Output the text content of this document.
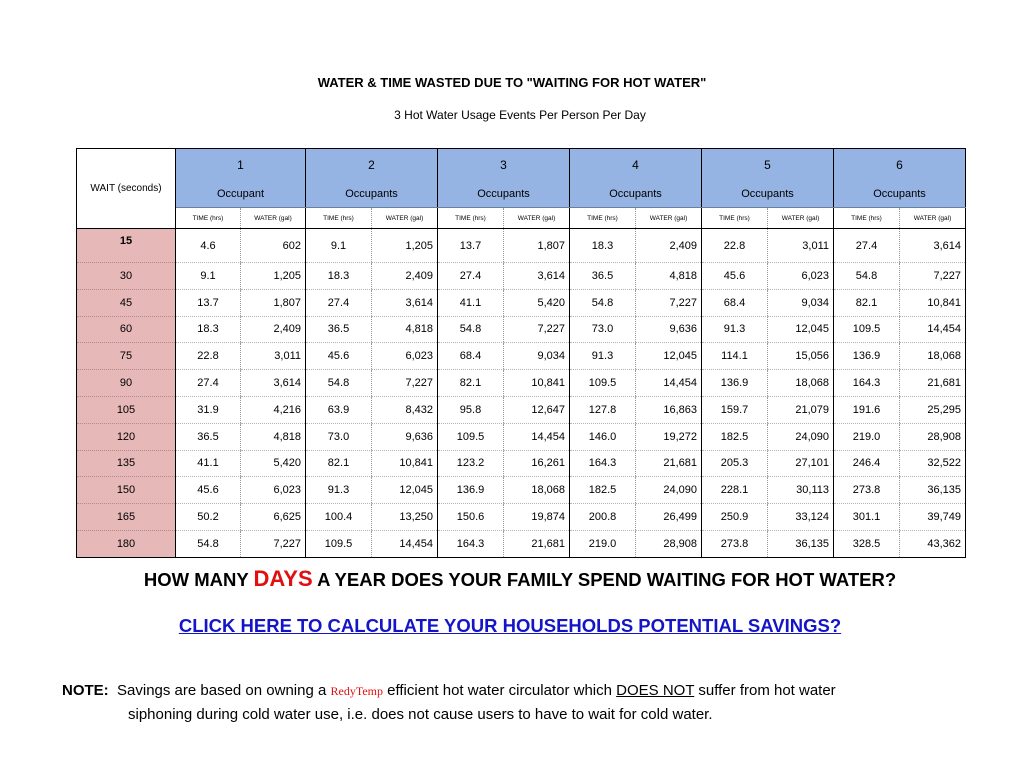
WATER & TIME WASTED DUE TO "WAITING FOR HOT WATER"
3 Hot Water Usage Events Per Person Per Day
WAIT (seconds)	1		2		3		4		5		6	
	Occupant		Occupants		Occupants		Occupants		Occupants		Occupants	
	TIME (hrs)	WATER (gal)	TIME (hrs)	WATER (gal)	TIME (hrs)	WATER (gal)	TIME (hrs)	WATER (gal)	TIME (hrs)	WATER (gal)	TIME (hrs)	WATER (gal)
15	4.6	602	9.1	1,205	13.7	1,807	18.3	2,409	22.8	3,011	27.4	3,614
30	9.1	1,205	18.3	2,409	27.4	3,614	36.5	4,818	45.6	6,023	54.8	7,227
45	13.7	1,807	27.4	3,614	41.1	5,420	54.8	7,227	68.4	9,034	82.1	10,841
60	18.3	2,409	36.5	4,818	54.8	7,227	73.0	9,636	91.3	12,045	109.5	14,454
75	22.8	3,011	45.6	6,023	68.4	9,034	91.3	12,045	114.1	15,056	136.9	18,068
90	27.4	3,614	54.8	7,227	82.1	10,841	109.5	14,454	136.9	18,068	164.3	21,681
105	31.9	4,216	63.9	8,432	95.8	12,647	127.8	16,863	159.7	21,079	191.6	25,295
120	36.5	4,818	73.0	9,636	109.5	14,454	146.0	19,272	182.5	24,090	219.0	28,908
135	41.1	5,420	82.1	10,841	123.2	16,261	164.3	21,681	205.3	27,101	246.4	32,522
150	45.6	6,023	91.3	12,045	136.9	18,068	182.5	24,090	228.1	30,113	273.8	36,135
165	50.2	6,625	100.4	13,250	150.6	19,874	200.8	26,499	250.9	33,124	301.1	39,749
180	54.8	7,227	109.5	14,454	164.3	21,681	219.0	28,908	273.8	36,135	328.5	43,362
HOW MANY DAYS A YEAR DOES YOUR FAMILY SPEND WAITING FOR HOT WATER?
CLICK HERE TO CALCULATE YOUR HOUSEHOLDS POTENTIAL SAVINGS?
NOTE: Savings are based on owning a RedyTemp efficient hot water circulator which DOES NOT suffer from hot water
siphoning during cold water use, i.e. does not cause users to have to wait for cold water.
